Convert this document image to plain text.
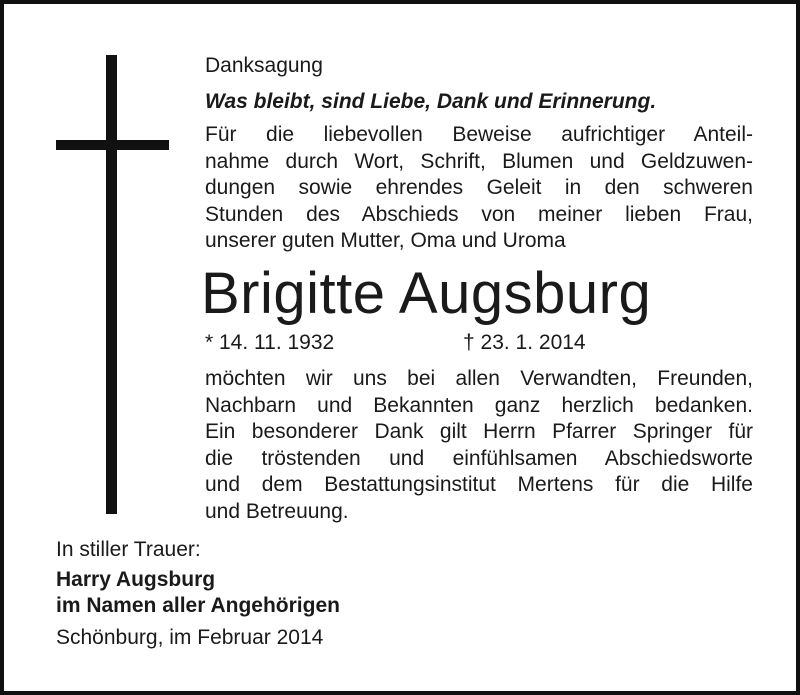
Danksagung
Was bleibt, sind Liebe, Dank und Erinnerung.

Für die liebevollen Beweise aufrichtiger Anteil-

nahme durch Wort, Schrift, Blumen und Geldzuwen-

dungen sowie ehrendes Geleit in den schweren

Stunden des Abschieds von meiner lieben Frau,

unserer guten Mutter, Oma und Uroma

Brigitte Augsburg
* 14. 11. 1932	† 23. 1. 2014

möchten wir uns bei allen Verwandten, Freunden,

Nachbarn und Bekannten ganz herzlich bedanken.

Ein besonderer Dank gilt Herrn Pfarrer Springer für

die tröstenden und einfühlsamen Abschiedsworte

und dem Bestattungsinstitut Mertens für die Hilfe

und Betreuung.

In stiller Trauer:
Harry Augsburg
im Namen aller Angehörigen
Schönburg, im Februar 2014
